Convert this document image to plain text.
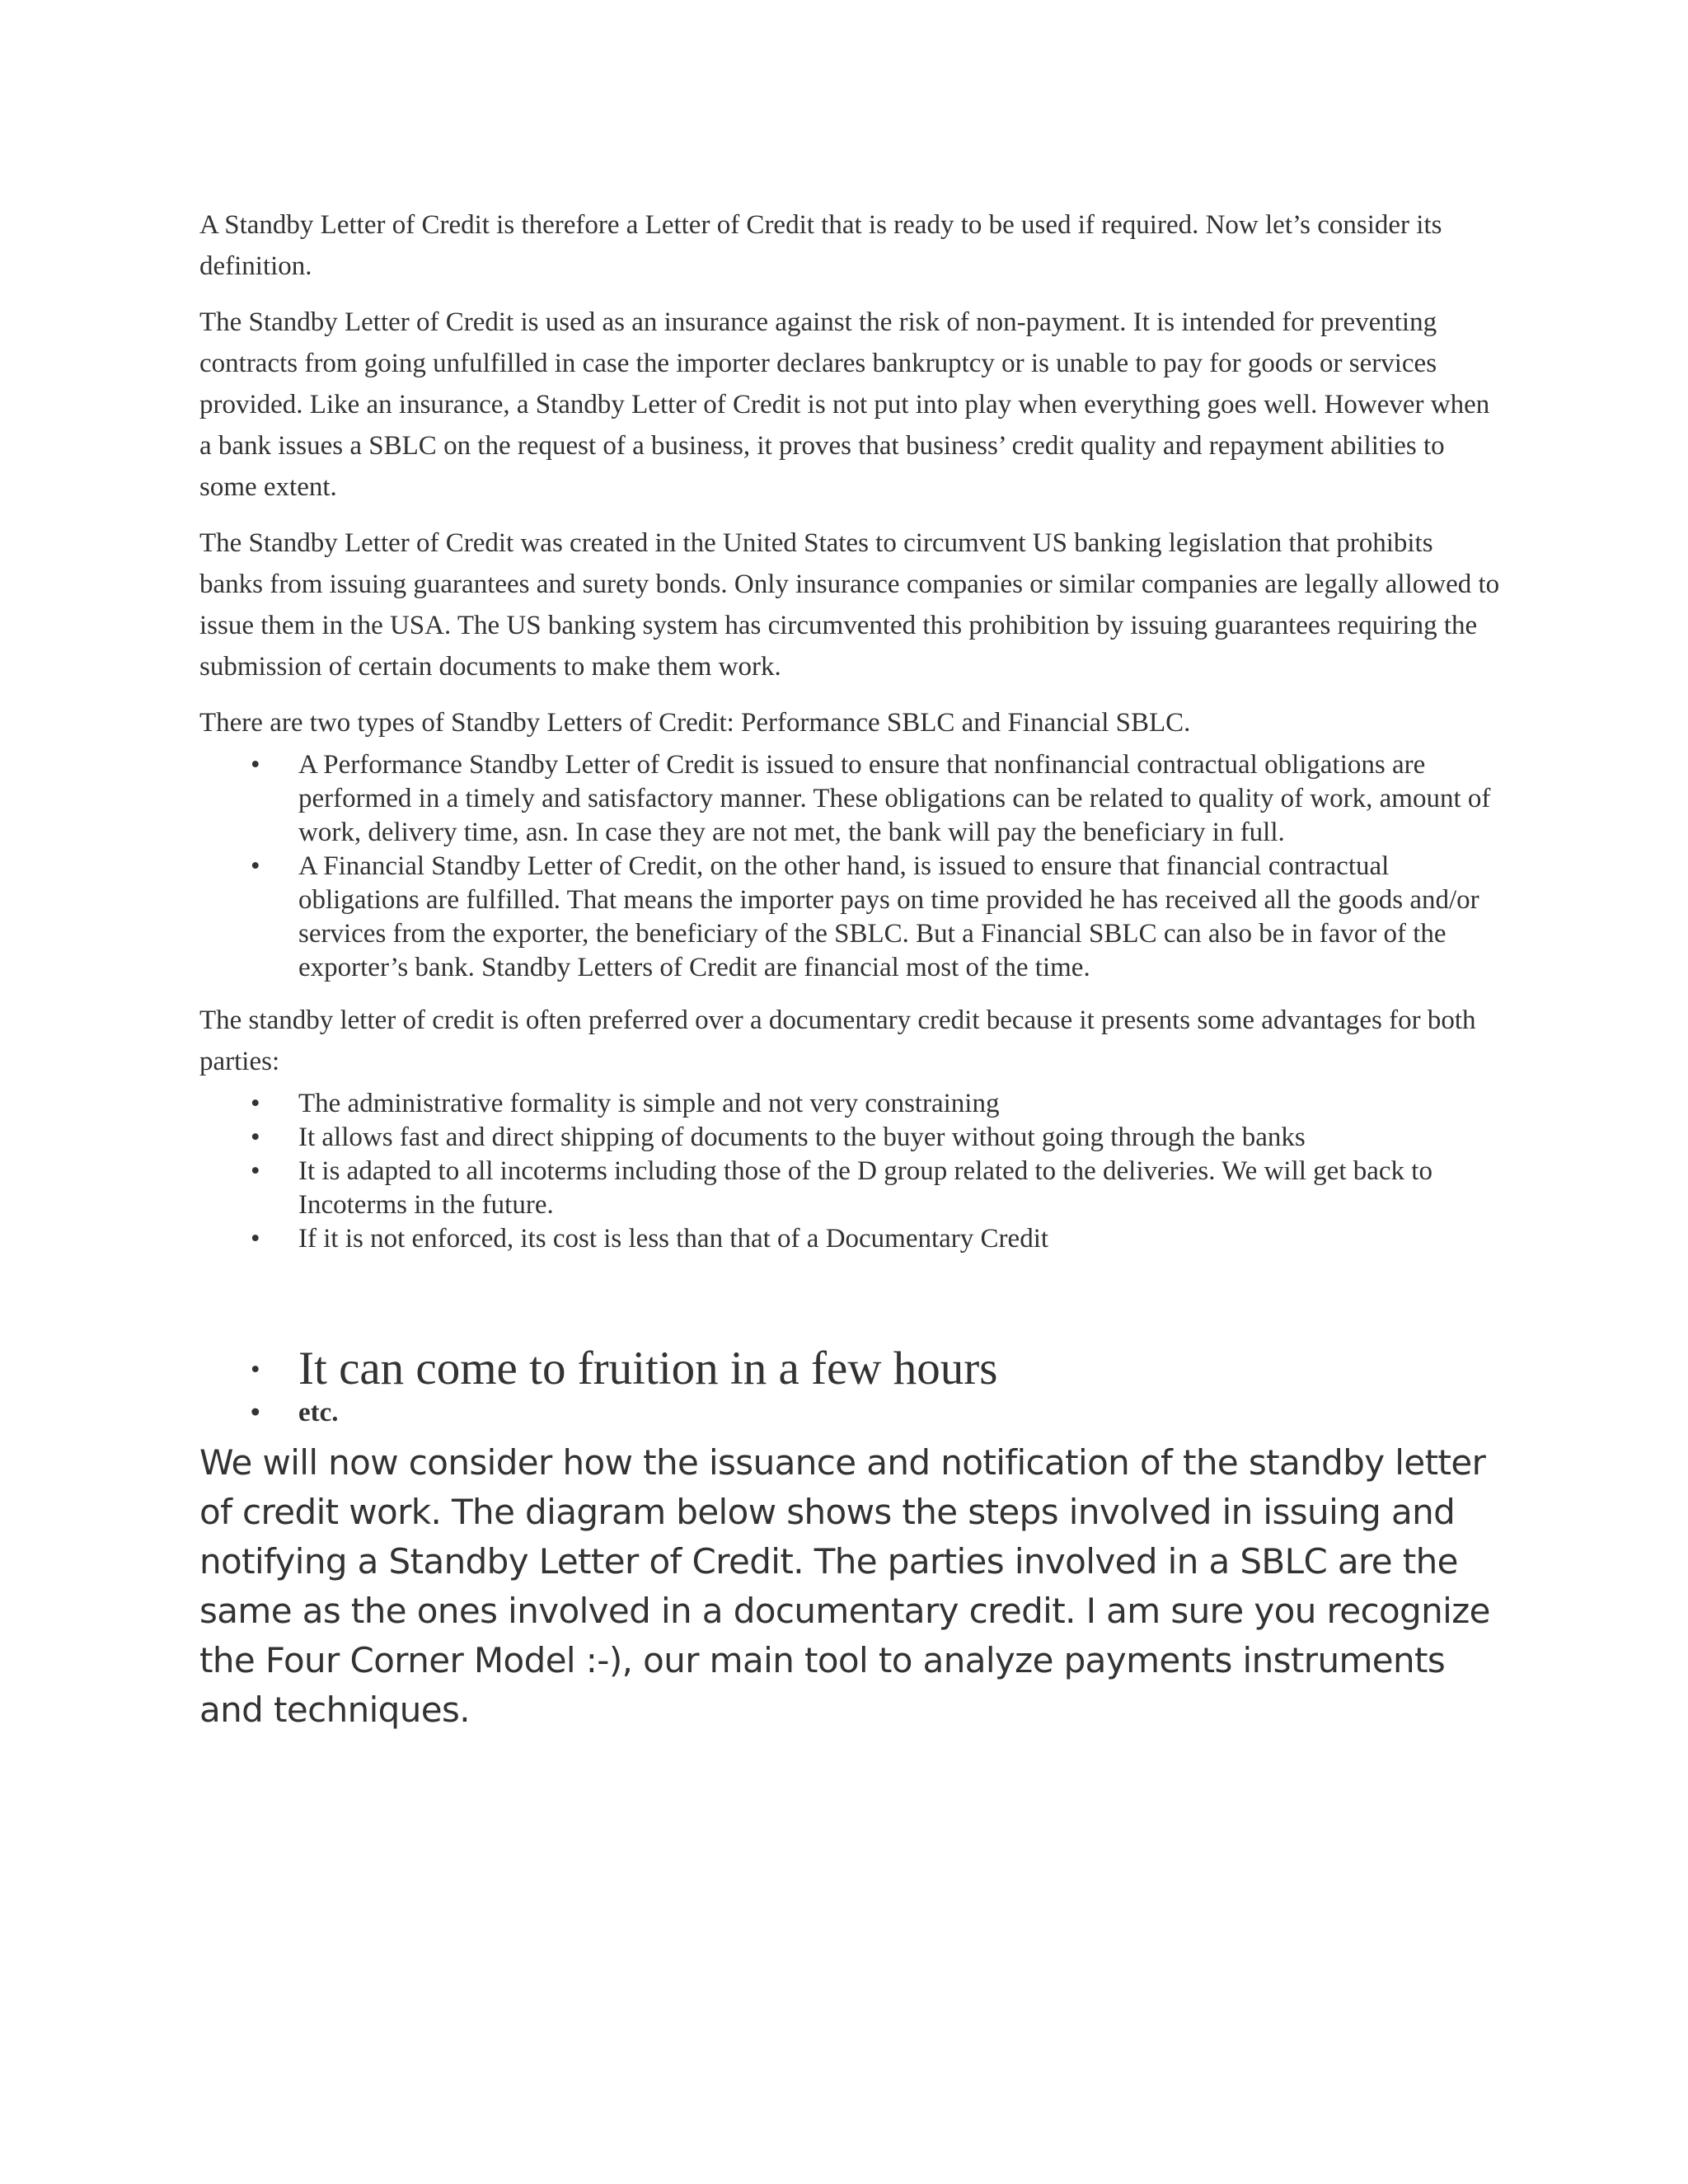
A Standby Letter of Credit is therefore a Letter of Credit that is ready to be used if required. Now let’s consider its definition.

The Standby Letter of Credit is used as an insurance against the risk of non-payment. It is intended for preventing contracts from going unfulfilled in case the importer declares bankruptcy or is unable to pay for goods or services provided. Like an insurance, a Standby Letter of Credit is not put into play when everything goes well. However when a bank issues a SBLC on the request of a business, it proves that business’ credit quality and repayment abilities to some extent.

The Standby Letter of Credit was created in the United States to circumvent US banking legislation that prohibits banks from issuing guarantees and surety bonds. Only insurance companies or similar companies are legally allowed to issue them in the USA. The US banking system has circumvented this prohibition by issuing guarantees requiring the submission of certain documents to make them work.

There are two types of Standby Letters of Credit: Performance SBLC and Financial SBLC.

•	A Performance Standby Letter of Credit is issued to ensure that nonfinancial contractual obligations are performed in a timely and satisfactory manner. These obligations can be related to quality of work, amount of work, delivery time, asn. In case they are not met, the bank will pay the beneficiary in full.
•	A Financial Standby Letter of Credit, on the other hand, is issued to ensure that financial contractual obligations are fulfilled. That means the importer pays on time provided he has received all the goods and/or services from the exporter, the beneficiary of the SBLC. But a Financial SBLC can also be in favor of the exporter’s bank. Standby Letters of Credit are financial most of the time.

The standby letter of credit is often preferred over a documentary credit because it presents some advantages for both parties:

•	The administrative formality is simple and not very constraining
•	It allows fast and direct shipping of documents to the buyer without going through the banks
•	It is adapted to all incoterms including those of the D group related to the deliveries. We will get back to Incoterms in the future.
•	If it is not enforced, its cost is less than that of a Documentary Credit
• It can come to fruition in a few hours
•	etc.

We will now consider how the issuance and notification of the standby letter of credit work. The diagram below shows the steps involved in issuing and notifying a Standby Letter of Credit. The parties involved in a SBLC are the same as the ones involved in a documentary credit. I am sure you recognize the Four Corner Model :-), our main tool to analyze payments instruments and techniques.
